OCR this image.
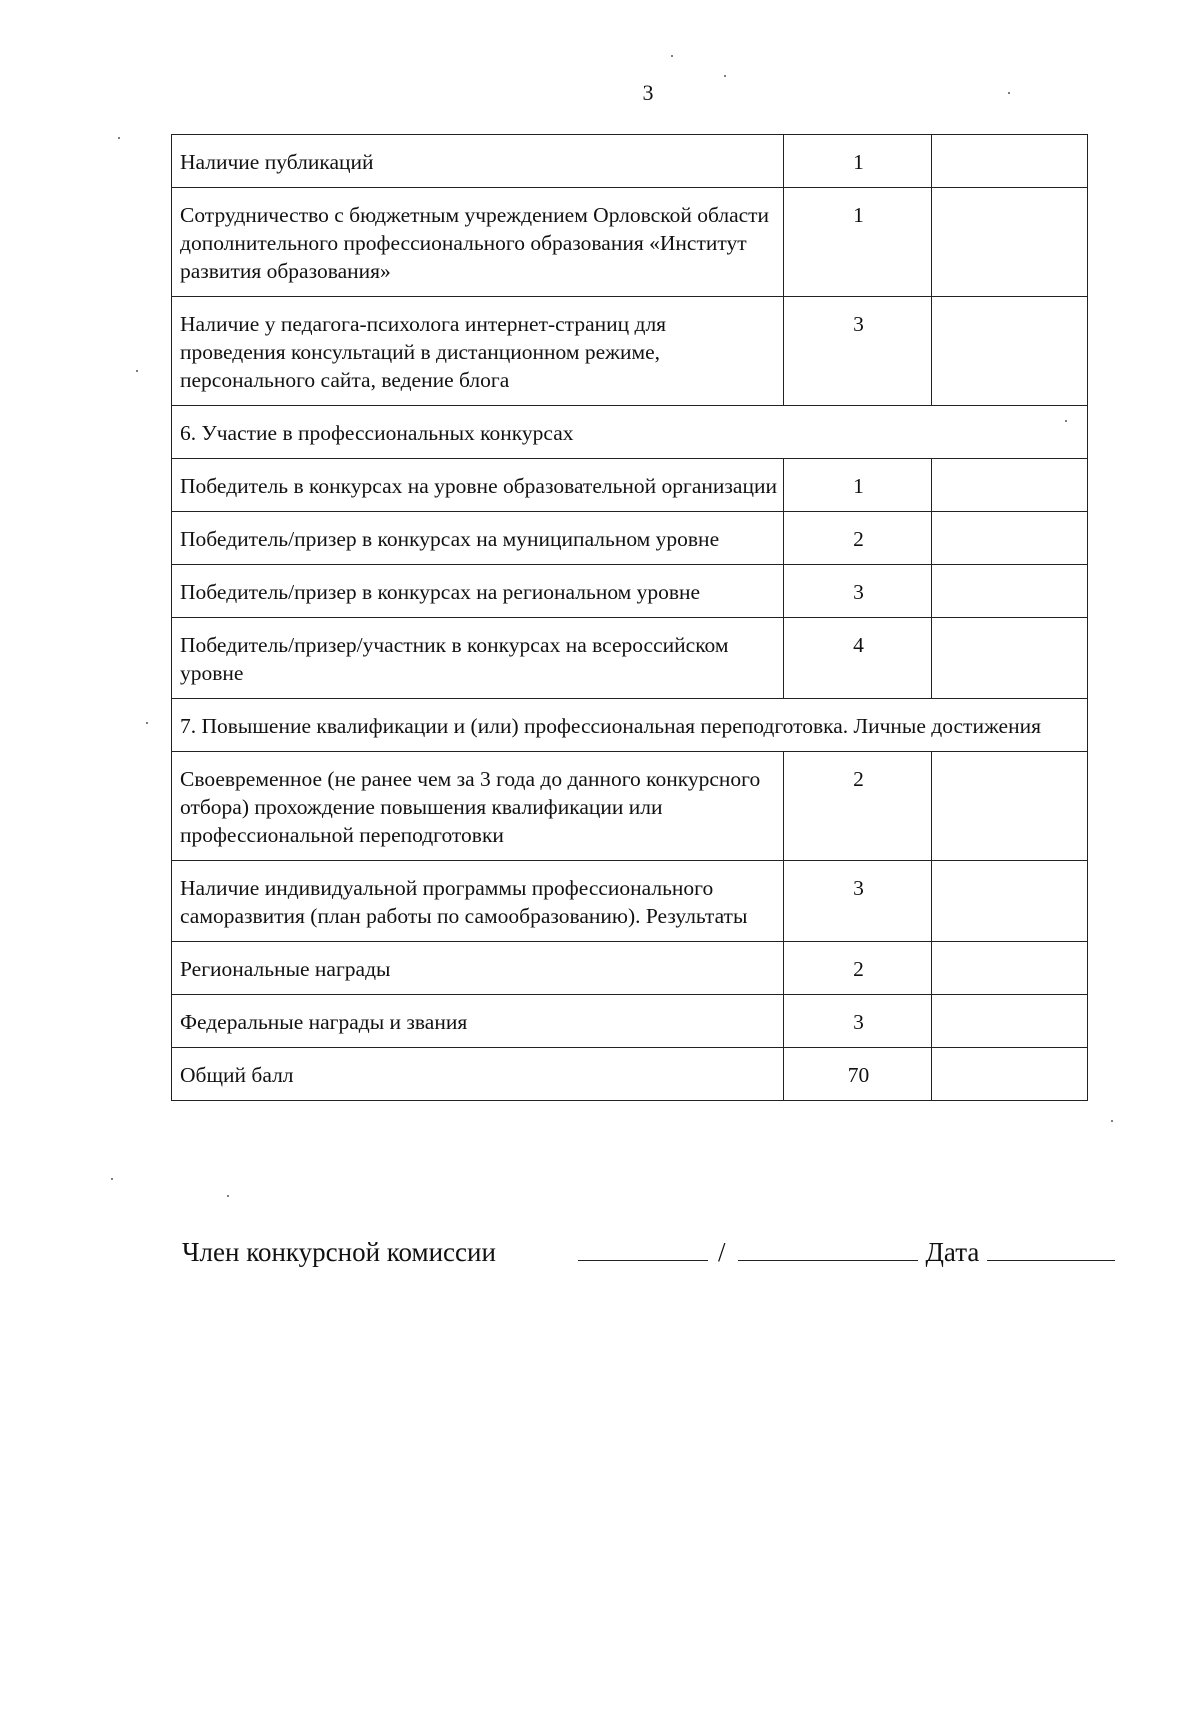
3
Наличие публикаций	1	
Сотрудничество с бюджетным учреждением Орловской области дополнительного профессионального образования «Институт развития образования»	1	
Наличие у педагога-психолога интернет-страниц для проведения консультаций в дистанционном режиме, персонального сайта, ведение блога	3	
6. Участие в профессиональных конкурсах		
Победитель в конкурсах на уровне образовательной организации	1	
Победитель/призер в конкурсах на муниципальном уровне	2	
Победитель/призер в конкурсах на региональном уровне	3	
Победитель/призер/участник в конкурсах на всероссийском уровне	4	
7. Повышение квалификации и (или) профессиональная переподготовка. Личные достижения		
Своевременное (не ранее чем за 3 года до данного конкурсного отбора) прохождение повышения квалификации или профессиональной переподготовки	2	
Наличие индивидуальной программы профессионального саморазвития (план работы по самообразованию). Результаты	3	
Региональные награды	2	
Федеральные награды и звания	3	
Общий балл	70	
Член конкурсной комиссии	/	Дата
